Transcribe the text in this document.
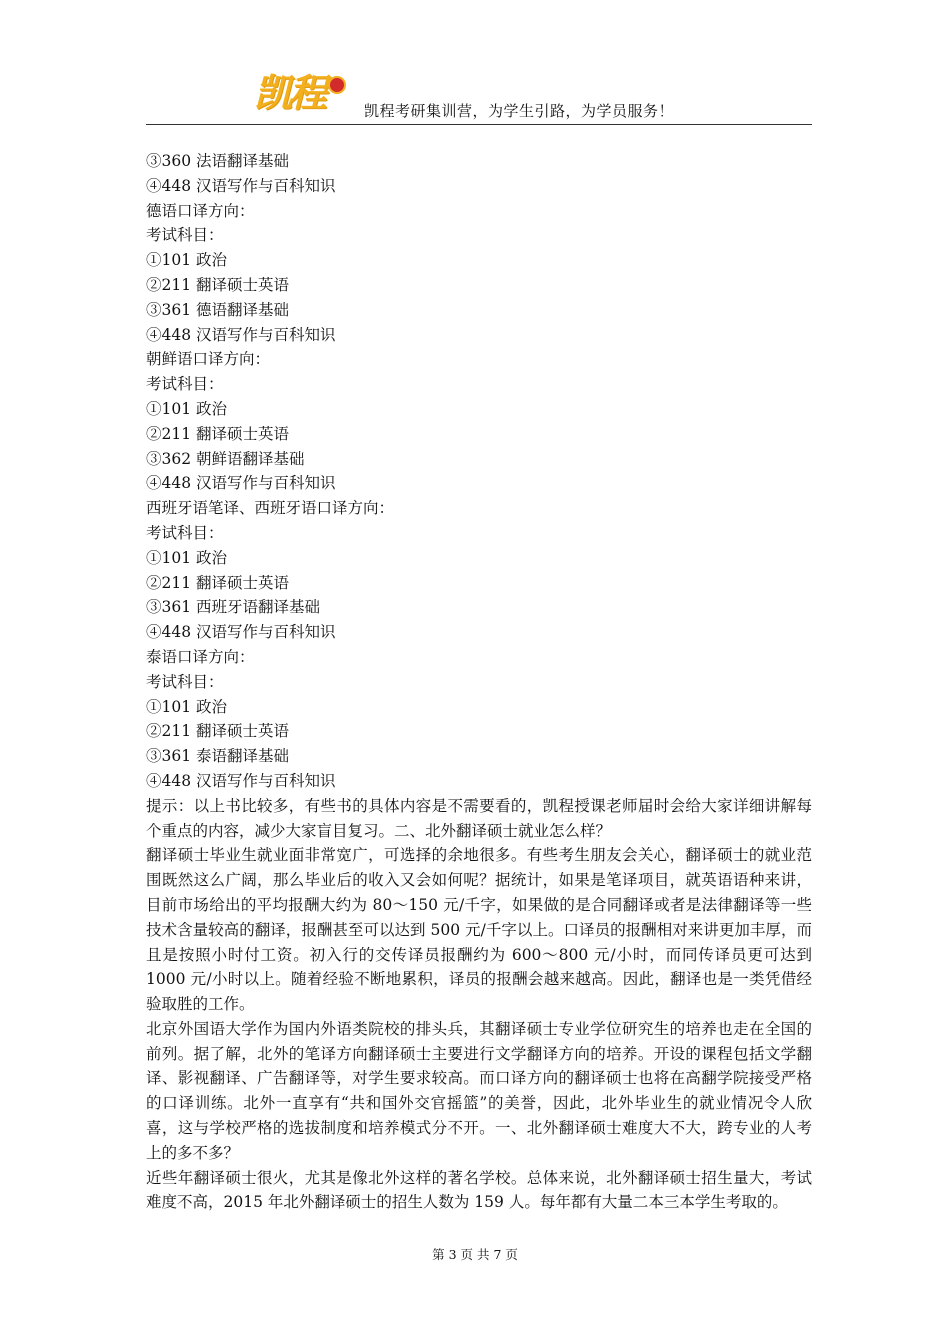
凯程	凯程考研集训营，为学生引路，为学员服务！
③360 法语翻译基础
④448 汉语写作与百科知识
德语口译方向：
考试科目：
①101 政治
②211 翻译硕士英语
③361 德语翻译基础
④448 汉语写作与百科知识
朝鲜语口译方向：
考试科目：
①101 政治
②211 翻译硕士英语
③362 朝鲜语翻译基础
④448 汉语写作与百科知识
西班牙语笔译、西班牙语口译方向：
考试科目：
①101 政治
②211 翻译硕士英语
③361 西班牙语翻译基础
④448 汉语写作与百科知识
泰语口译方向：
考试科目：
①101 政治
②211 翻译硕士英语
③361 泰语翻译基础
④448 汉语写作与百科知识
提示：以上书比较多，有些书的具体内容是不需要看的，凯程授课老师届时会给大家详细讲解每个重点的内容，减少大家盲目复习。二、北外翻译硕士就业怎么样？
翻译硕士毕业生就业面非常宽广，可选择的余地很多。有些考生朋友会关心，翻译硕士的就业范围既然这么广阔，那么毕业后的收入又会如何呢？据统计，如果是笔译项目，就英语语种来讲，目前市场给出的平均报酬大约为 80～150 元/千字，如果做的是合同翻译或者是法律翻译等一些技术含量较高的翻译，报酬甚至可以达到 500 元/千字以上。口译员的报酬相对来讲更加丰厚，而且是按照小时付工资。初入行的交传译员报酬约为 600～800 元/小时，而同传译员更可达到 1000 元/小时以上。随着经验不断地累积，译员的报酬会越来越高。因此，翻译也是一类凭借经验取胜的工作。
北京外国语大学作为国内外语类院校的排头兵，其翻译硕士专业学位研究生的培养也走在全国的前列。据了解，北外的笔译方向翻译硕士主要进行文学翻译方向的培养。开设的课程包括文学翻译、影视翻译、广告翻译等，对学生要求较高。而口译方向的翻译硕士也将在高翻学院接受严格的口译训练。北外一直享有“共和国外交官摇篮”的美誉，因此，北外毕业生的就业情况令人欣喜，这与学校严格的选拔制度和培养模式分不开。一、北外翻译硕士难度大不大，跨专业的人考上的多不多？
近些年翻译硕士很火，尤其是像北外这样的著名学校。总体来说，北外翻译硕士招生量大，考试难度不高，2015 年北外翻译硕士的招生人数为 159 人。每年都有大量二本三本学生考取的。
第 3 页 共 7 页
